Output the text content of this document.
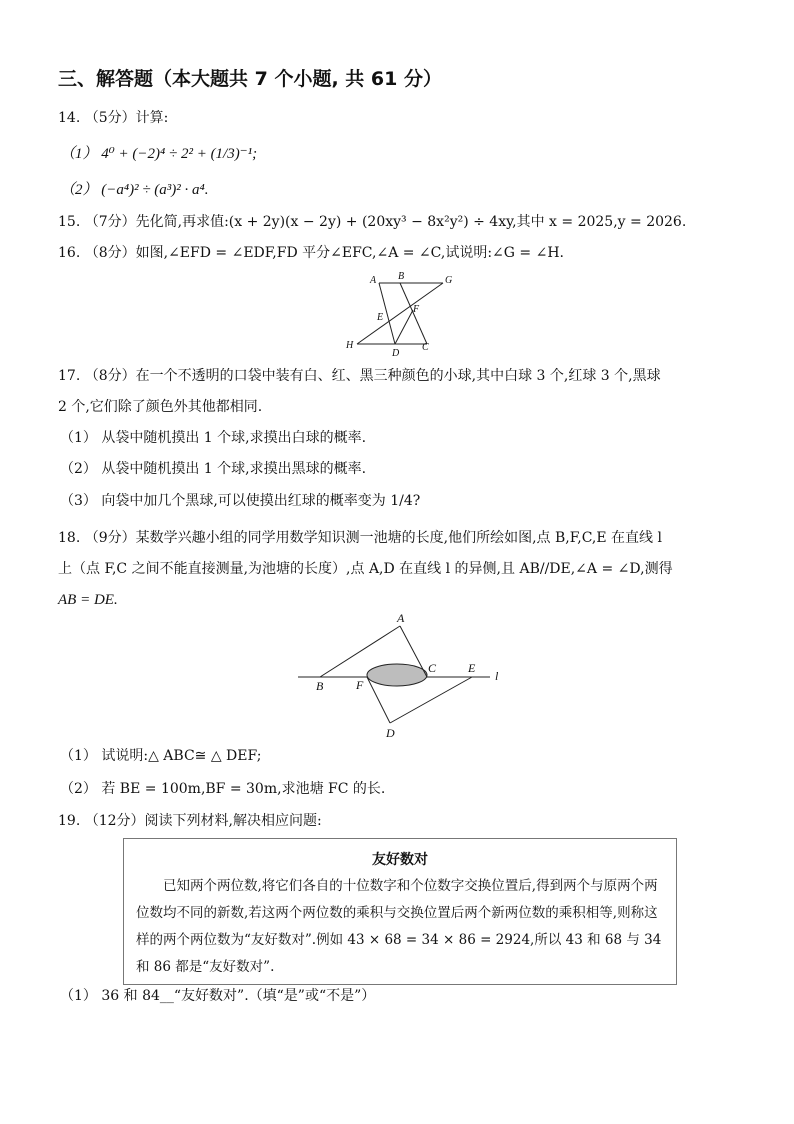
三、解答题（本大题共 7 个小题, 共 61 分）
14. （5分）计算:
（1） 4⁰ + (−2)⁴ ÷ 2² + (1/3)⁻¹;
（2） (−a⁴)² ÷ (a³)² · a⁴.
15. （7分）先化简,再求值:(x + 2y)(x − 2y) + (20xy³ − 8x²y²) ÷ 4xy,其中 x = 2025,y = 2026.
16. （8分）如图,∠EFD = ∠EDF,FD 平分∠EFC,∠A = ∠C,试说明:∠G = ∠H.
A B	G
E
F
H
D
C
17. （8分）在一个不透明的口袋中装有白、红、黑三种颜色的小球,其中白球 3 个,红球 3 个,黑球
2 个,它们除了颜色外其他都相同.
（1） 从袋中随机摸出 1 个球,求摸出白球的概率.
（2） 从袋中随机摸出 1 个球,求摸出黑球的概率.
（3） 向袋中加几个黑球,可以使摸出红球的概率变为 1/4?
18. （9分）某数学兴趣小组的同学用数学知识测一池塘的长度,他们所绘如图,点 B,F,C,E 在直线 l
上（点 F,C 之间不能直接测量,为池塘的长度）,点 A,D 在直线 l 的异侧,且 AB//DE,∠A = ∠D,测得
AB = DE.
A
B	F
C	E
l
D
（1） 试说明:△ ABC≅ △ DEF;
（2） 若 BE = 100m,BF = 30m,求池塘 FC 的长.
19. （12分）阅读下列材料,解决相应问题:
友好数对

已知两个两位数,将它们各自的十位数字和个位数字交换位置后,得到两个与原两个两位数均不同的新数,若这两个两位数的乘积与交换位置后两个新两位数的乘积相等,则称这样的两个两位数为“友好数对”.例如 43 × 68 = 34 × 86 = 2924,所以 43 和 68 与 34 和 86 都是“友好数对”.

（1） 36 和 84__“友好数对”.（填“是”或“不是”）
